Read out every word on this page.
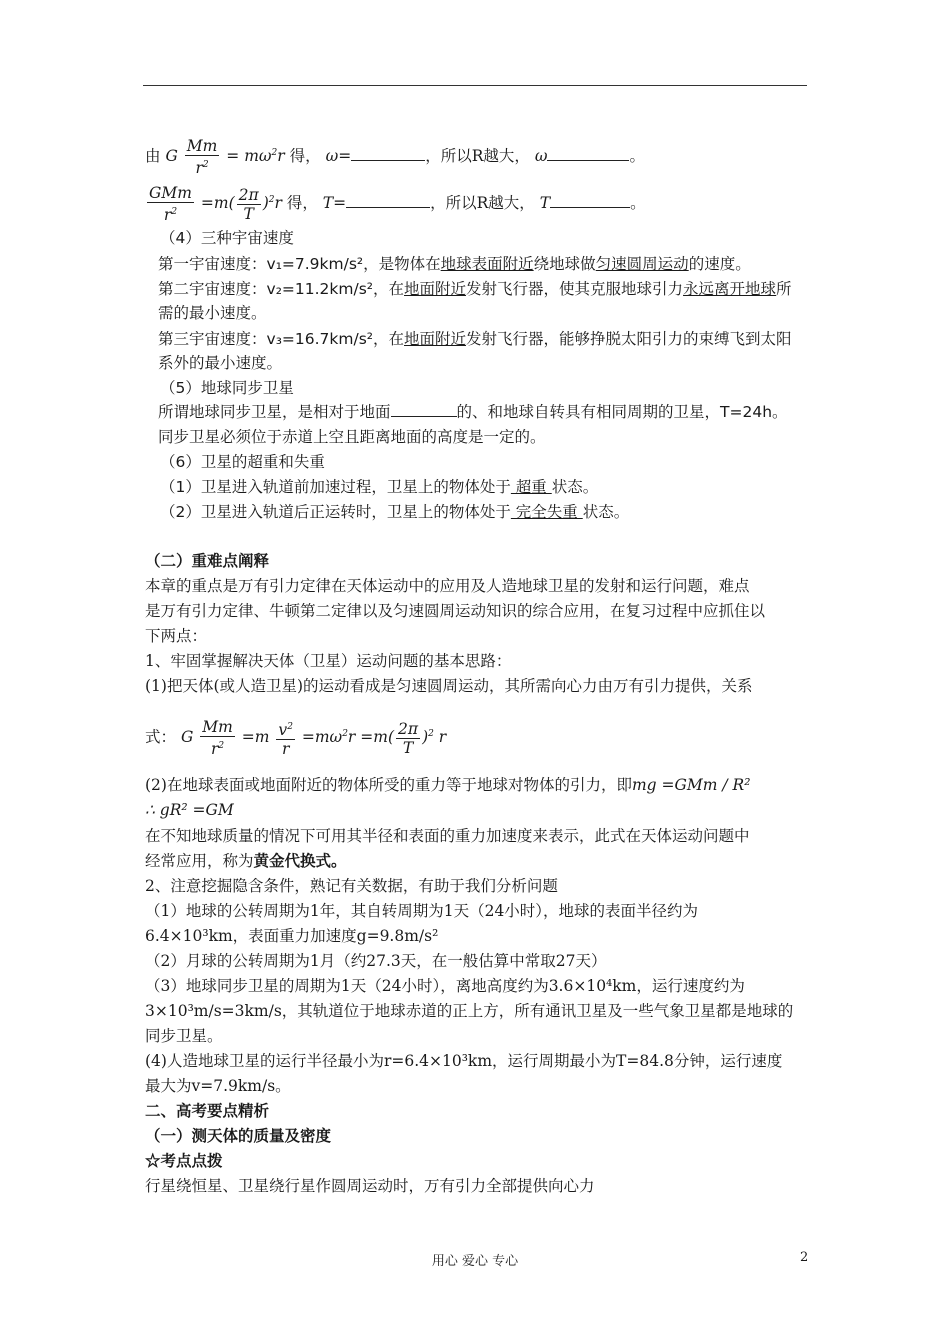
由 G $\frac{Mm}{r^2} = m\omega^2r$ 得， ω=	，所以R越大， ω	。
$\frac{\text{GMm}}{r^2} =m( \frac{2\pi}{T} )^2r$ 得， T=	，所以R越大， T	。
（4）三种宇宙速度
第一宇宙速度：v₁=7.9km/s²，是物体在地球表面附近绕地球做匀速圆周运动的速度。
第二宇宙速度：v₂=11.2km/s²，在地面附近发射飞行器，使其克服地球引力永远离开地球所
需的最小速度。
第三宇宙速度：v₃=16.7km/s²，在地面附近发射飞行器，能够挣脱太阳引力的束缚飞到太阳
系外的最小速度。
（5）地球同步卫星
所谓地球同步卫星，是相对于地面	的、和地球自转具有相同周期的卫星，T=24h。
同步卫星必须位于赤道上空且距离地面的高度是一定的。
（6）卫星的超重和失重
（1）卫星进入轨道前加速过程，卫星上的物体处于 超重 状态。
（2）卫星进入轨道后正运转时，卫星上的物体处于 完全失重 状态。
（二）重难点阐释
本章的重点是万有引力定律在天体运动中的应用及人造地球卫星的发射和运行问题，难点
是万有引力定律、牛顿第二定律以及匀速圆周运动知识的综合应用，在复习过程中应抓住以
下两点：
1、牢固掌握解决天体（卫星）运动问题的基本思路：
(1)把天体(或人造卫星)的运动看成是匀速圆周运动，其所需向心力由万有引力提供，关系
式： G $\frac{Mm}{r^2} =m \frac{v^2}{r} =m\omega^2r =m( \frac{2\pi}{T} )^2$ r
(2)在地球表面或地面附近的物体所受的重力等于地球对物体的引力，即mg =GMm / R²
∴ gR² =GM
在不知地球质量的情况下可用其半径和表面的重力加速度来表示，此式在天体运动问题中
经常应用，称为黄金代换式。
2、注意挖掘隐含条件，熟记有关数据，有助于我们分析问题
（1）地球的公转周期为1年，其自转周期为1天（24小时），地球的表面半径约为
6.4×10³km，表面重力加速度g=9.8m/s²
（2）月球的公转周期为1月（约27.3天，在一般估算中常取27天）
（3）地球同步卫星的周期为1天（24小时），离地高度约为3.6×10⁴km，运行速度约为
3×10³m/s=3km/s，其轨道位于地球赤道的正上方，所有通讯卫星及一些气象卫星都是地球的
同步卫星。
(4)人造地球卫星的运行半径最小为r=6.4×10³km，运行周期最小为T=84.8分钟，运行速度
最大为v=7.9km/s。
二、高考要点精析
（一）测天体的质量及密度
☆考点点拨
行星绕恒星、卫星绕行星作圆周运动时，万有引力全部提供向心力
用心 爱心 专心	2
